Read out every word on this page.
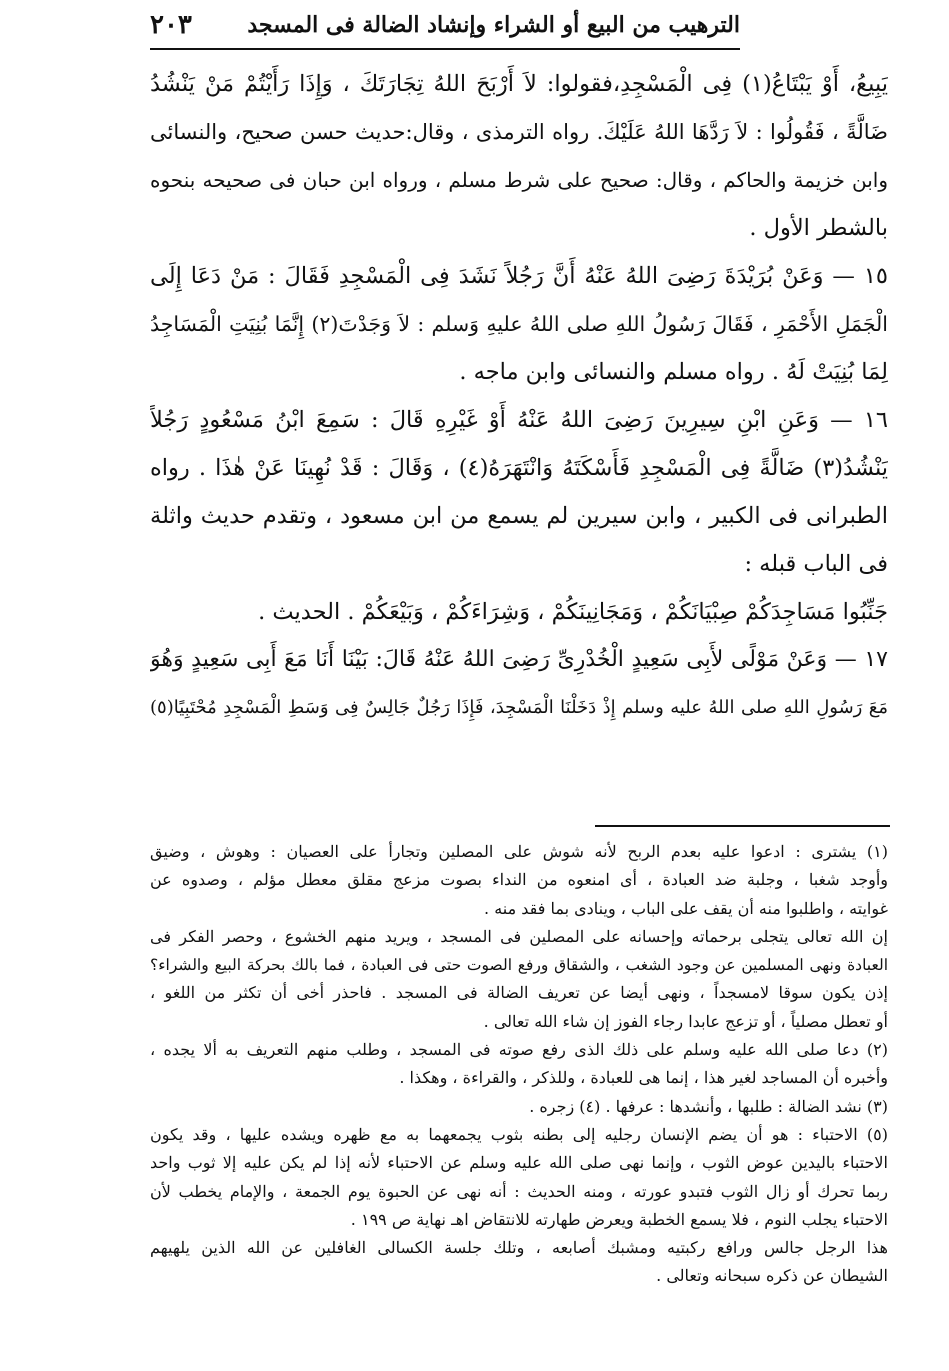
٢٠٣	الترهيب من البيع أو الشراء وإنشاد الضالة فى المسجد
يَبِيعُ، أَوْ يَبْتَاعُ(١) فِى الْمَسْجِدِ،فقولوا: لاَ أَرْبَحَ اللهُ تِجَارَتَكَ ، وَإِذَا رَأَيْتُمْ مَنْ يَنْشُدُ
ضَالَّةً ، فَقُولُوا : لاَ رَدَّهَا اللهُ عَلَيْكَ. رواه الترمذى ، وقال:حديث حسن صحيح، والنسائى
وابن خزيمة والحاكم ، وقال: صحيح على شرط مسلم ، ورواه ابن حبان فى صحيحه بنحوه
بالشطر الأول .
١٥ — وَعَنْ بُرَيْدَةَ رَضِىَ اللهُ عَنْهُ أَنَّ رَجُلاً نَشَدَ فِى الْمَسْجِدِ فَقَالَ : مَنْ دَعَا إِلَى
الْجَمَلِ الأَحْمَرِ ، فَقَالَ رَسُولُ اللهِ صلى اللهُ عليهِ وَسلم : لاَ وَجَدْتَ(٢) إِنَّمَا بُنِيَتِ الْمَسَاجِدُ
لِمَا بُنِيَتْ لَهُ . رواه مسلم والنسائى وابن ماجه .
١٦ — وَعَنِ ابْنِ سِيرِينَ رَضِىَ اللهُ عَنْهُ أَوْ غَيْرِهِ قَالَ : سَمِعَ ابْنُ مَسْعُودٍ رَجُلاً
يَنْشُدُ(٣) ضَالَّةً فِى الْمَسْجِدِ فَأَسْكَتَهُ وَانْتَهَرَهُ(٤) ، وَقَالَ : قَدْ نُهِينَا عَنْ هٰذَا . رواه
الطبرانى فى الكبير ، وابن سيرين لم يسمع من ابن مسعود ، وتقدم حديث واثلة
فى الباب قبله :
جَنِّبُوا مَسَاجِدَكُمْ صِبْيَانَكُمْ ، وَمَجَانِينَكُمْ ، وَشِرَاءَكُمْ ، وَبَيْعَكُمْ . الحديث .
١٧ — وَعَنْ مَوْلًى لأَبِى سَعِيدٍ الْخُدْرِىِّ رَضِىَ اللهُ عَنْهُ قَالَ: بَيْنَا أَنَا مَعَ أَبِى سَعِيدٍ وَهُوَ
مَعَ رَسُولِ اللهِ صلى اللهُ عليه وسلم إِذْ دَخَلْنَا الْمَسْجِدَ، فَإِذَا رَجُلٌ جَالِسٌ فِى وَسَطِ الْمَسْجِدِ مُحْتَبِيًا(٥)
(١) يشترى : ادعوا عليه بعدم الربح لأنه شوش على المصلين وتجارأ على العصيان : وهوش ، وضيق
وأوجد شغبا ، وجلبة ضد العبادة ، أى امنعوه من النداء بصوت مزعج مقلق معطل مؤلم ، وصدوه عن
غوايته ، واطلبوا منه أن يقف على الباب ، وينادى بما فقد منه .
إن الله تعالى يتجلى برحماته وإحسانه على المصلين فى المسجد ، ويريد منهم الخشوع ، وحصر الفكر فى
العبادة ونهى المسلمين عن وجود الشغب ، والشقاق ورفع الصوت حتى فى العبادة ، فما بالك بحركة البيع والشراء؟
إذن يكون سوقا لامسجداً ، ونهى أيضا عن تعريف الضالة فى المسجد . فاحذر أخى أن تكثر من اللغو ،
أو تعطل مصلياً ، أو تزعج عابدا رجاء الفوز إن شاء الله تعالى .
(٢) دعا صلى الله عليه وسلم على ذلك الذى رفع صوته فى المسجد ، وطلب منهم التعريف به ألا يجده ،
وأخبره أن المساجد لغير هذا ، إنما هى للعبادة ، وللذكر ، والقراءة ، وهكذا .
(٣) نشد الضالة : طلبها ، وأنشدها : عرفها . (٤) زجره .
(٥) الاحتباء : هو أن يضم الإنسان رجليه إلى بطنه بثوب يجمعهما به مع ظهره ويشده عليها ، وقد يكون
الاحتباء باليدين عوض الثوب ، وإنما نهى صلى الله عليه وسلم عن الاحتباء لأنه إذا لم يكن عليه إلا ثوب واحد
ربما تحرك أو زال الثوب فتبدو عورته ، ومنه الحديث : أنه نهى عن الحبوة يوم الجمعة ، والإمام يخطب لأن
الاحتباء يجلب النوم ، فلا يسمع الخطبة ويعرض طهارته للانتقاض اهـ نهاية ص ١٩٩ .
هذا الرجل جالس ورافع ركبتيه ومشبك أصابعه ، وتلك جلسة الكسالى الغافلين عن الله الذين يلهيهم
الشيطان عن ذكره سبحانه وتعالى .
